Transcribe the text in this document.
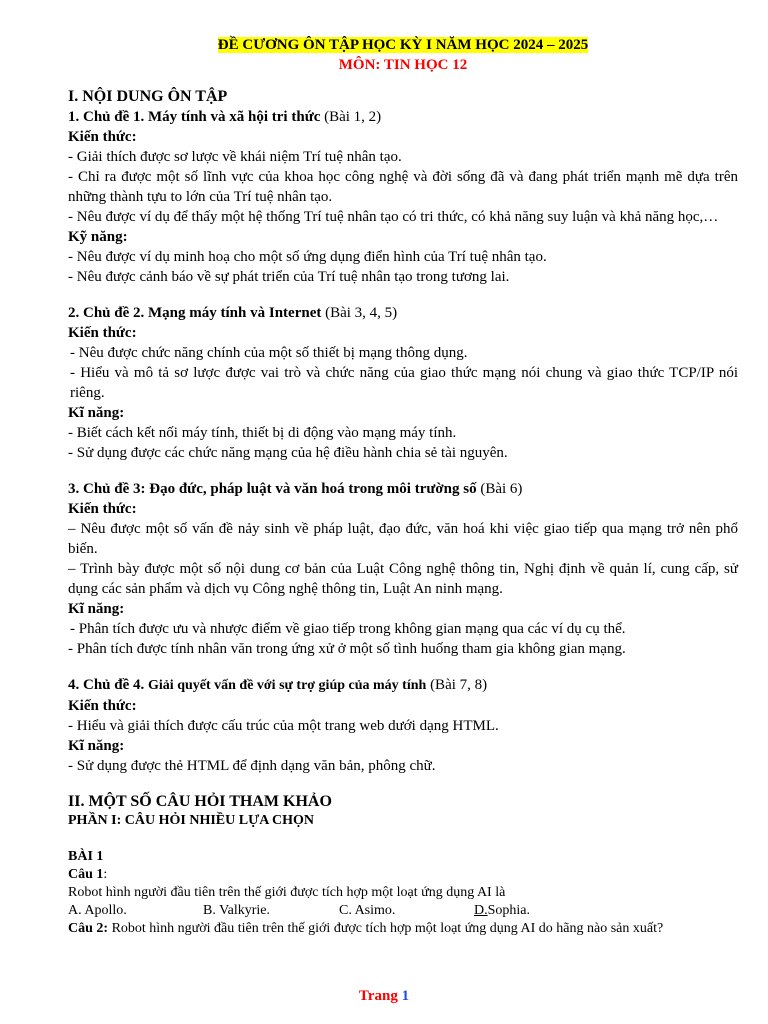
ĐỀ CƯƠNG ÔN TẬP HỌC KỲ I NĂM HỌC 2024 – 2025
MÔN: TIN HỌC 12
I. NỘI DUNG ÔN TẬP
1. Chủ đề 1. Máy tính và xã hội tri thức (Bài 1, 2)
Kiến thức:
- Giải thích được sơ lược về khái niệm Trí tuệ nhân tạo.
- Chỉ ra được một số lĩnh vực của khoa học công nghệ và đời sống đã và đang phát triển mạnh mẽ dựa trên những thành tựu to lớn của Trí tuệ nhân tạo.
- Nêu được ví dụ để thấy một hệ thống Trí tuệ nhân tạo có tri thức, có khả năng suy luận và khả năng học,…
Kỹ năng:
- Nêu được ví dụ minh hoạ cho một số ứng dụng điển hình của Trí tuệ nhân tạo.
- Nêu được cảnh báo về sự phát triển của Trí tuệ nhân tạo trong tương lai.
2. Chủ đề 2. Mạng máy tính và Internet (Bài 3, 4, 5)
Kiến thức:
- Nêu được chức năng chính của một số thiết bị mạng thông dụng.
- Hiểu và mô tả sơ lược được vai trò và chức năng của giao thức mạng nói chung và giao thức TCP/IP nói riêng.
Kĩ năng:
- Biết cách kết nối máy tính, thiết bị di động vào mạng máy tính.
- Sử dụng được các chức năng mạng của hệ điều hành chia sẻ tài nguyên.
3. Chủ đề 3: Đạo đức, pháp luật và văn hoá trong môi trường số (Bài 6)
Kiến thức:
– Nêu được một số vấn đề nảy sinh về pháp luật, đạo đức, văn hoá khi việc giao tiếp qua mạng trở nên phổ biến.
– Trình bày được một số nội dung cơ bản của Luật Công nghệ thông tin, Nghị định về quản lí, cung cấp, sử dụng các sản phẩm và dịch vụ Công nghệ thông tin, Luật An ninh mạng.
Kĩ năng:
- Phân tích được ưu và nhược điểm về giao tiếp trong không gian mạng qua các ví dụ cụ thể.
- Phân tích được tính nhân văn trong ứng xử ở một số tình huống tham gia không gian mạng.
4. Chủ đề 4. Giải quyết vấn đề với sự trợ giúp của máy tính (Bài 7, 8)
Kiến thức:
- Hiểu và giải thích được cấu trúc của một trang web dưới dạng HTML.
Kĩ năng:
- Sử dụng được thẻ HTML để định dạng văn bản, phông chữ.
II. MỘT SỐ CÂU HỎI THAM KHẢO
PHẦN I: CÂU HỎI NHIỀU LỰA CHỌN
BÀI 1
Câu 1:
Robot hình người đầu tiên trên thế giới được tích hợp một loạt ứng dụng AI là
A. Apollo.	B. Valkyrie.	C. Asimo.	D.Sophia.
Câu 2: Robot hình người đầu tiên trên thế giới được tích hợp một loạt ứng dụng AI do hãng nào sản xuất?
Trang 1
